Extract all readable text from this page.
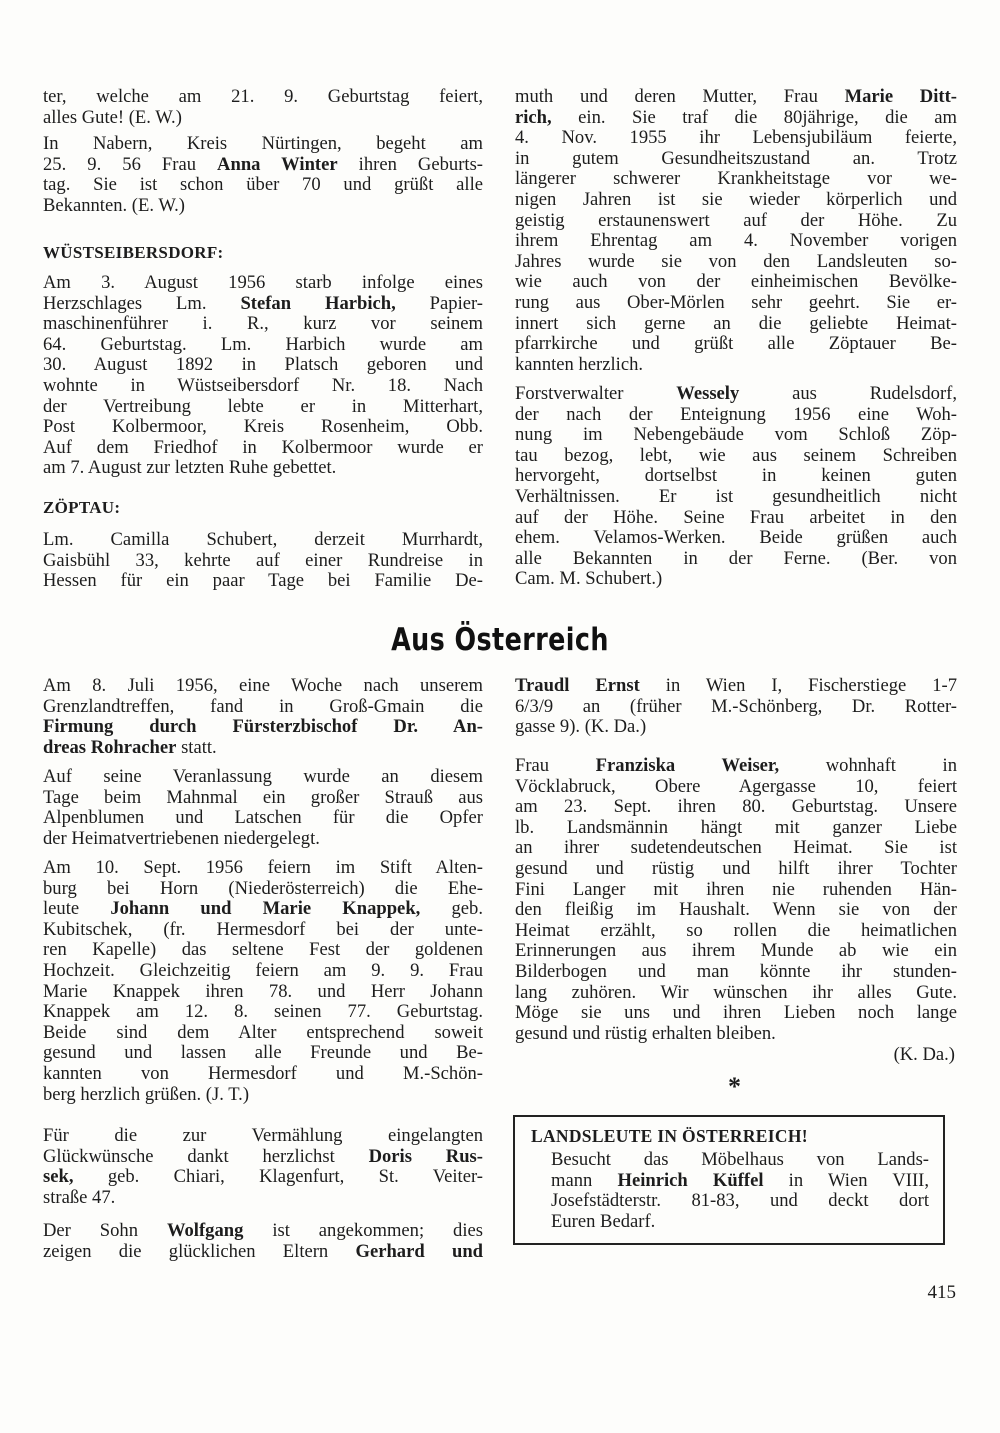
ter, welche am 21. 9. Geburtstag feiert,
alles Gute! (E. W.)
In Nabern, Kreis Nürtingen, begeht am
25. 9. 56 Frau Anna Winter ihren Geburts-
tag. Sie ist schon über 70 und grüßt alle
Bekannten. (E. W.)
WÜSTSEIBERSDORF:
Am 3. August 1956 starb infolge eines
Herzschlages Lm. Stefan Harbich, Papier-
maschinenführer i. R., kurz vor seinem
64. Geburtstag. Lm. Harbich wurde am
30. August 1892 in Platsch geboren und
wohnte in Wüstseibersdorf Nr. 18. Nach
der Vertreibung lebte er in Mitterhart,
Post Kolbermoor, Kreis Rosenheim, Obb.
Auf dem Friedhof in Kolbermoor wurde er
am 7. August zur letzten Ruhe gebettet.
ZÖPTAU:
Lm. Camilla Schubert, derzeit Murrhardt,
Gaisbühl 33, kehrte auf einer Rundreise in
Hessen für ein paar Tage bei Familie De-
muth und deren Mutter, Frau Marie Ditt-
rich, ein. Sie traf die 80jährige, die am
4. Nov. 1955 ihr Lebensjubiläum feierte,
in gutem Gesundheitszustand an. Trotz
längerer schwerer Krankheitstage vor we-
nigen Jahren ist sie wieder körperlich und
geistig erstaunenswert auf der Höhe. Zu
ihrem Ehrentag am 4. November vorigen
Jahres wurde sie von den Landsleuten so-
wie auch von der einheimischen Bevölke-
rung aus Ober-Mörlen sehr geehrt. Sie er-
innert sich gerne an die geliebte Heimat-
pfarrkirche und grüßt alle Zöptauer Be-
kannten herzlich.
Forstverwalter Wessely aus Rudelsdorf,
der nach der Enteignung 1956 eine Woh-
nung im Nebengebäude vom Schloß Zöp-
tau bezog, lebt, wie aus seinem Schreiben
hervorgeht, dortselbst in keinen guten
Verhältnissen. Er ist gesundheitlich nicht
auf der Höhe. Seine Frau arbeitet in den
ehem. Velamos-Werken. Beide grüßen auch
alle Bekannten in der Ferne. (Ber. von
Cam. M. Schubert.)
Aus Österreich
Am 8. Juli 1956, eine Woche nach unserem
Grenzlandtreffen, fand in Groß-Gmain die
Firmung durch Fürsterzbischof Dr. An-
dreas Rohracher statt.
Auf seine Veranlassung wurde an diesem
Tage beim Mahnmal ein großer Strauß aus
Alpenblumen und Latschen für die Opfer
der Heimatvertriebenen niedergelegt.
Am 10. Sept. 1956 feiern im Stift Alten-
burg bei Horn (Niederösterreich) die Ehe-
leute Johann und Marie Knappek, geb.
Kubitschek, (fr. Hermesdorf bei der unte-
ren Kapelle) das seltene Fest der goldenen
Hochzeit. Gleichzeitig feiern am 9. 9. Frau
Marie Knappek ihren 78. und Herr Johann
Knappek am 12. 8. seinen 77. Geburtstag.
Beide sind dem Alter entsprechend soweit
gesund und lassen alle Freunde und Be-
kannten von Hermesdorf und M.-Schön-
berg herzlich grüßen. (J. T.)
Für die zur Vermählung eingelangten
Glückwünsche dankt herzlichst Doris Rus-
sek, geb. Chiari, Klagenfurt, St. Veiter-
straße 47.
Der Sohn Wolfgang ist angekommen; dies
zeigen die glücklichen Eltern Gerhard und
Traudl Ernst in Wien I, Fischerstiege 1-7
6/3/9 an (früher M.-Schönberg, Dr. Rotter-
gasse 9). (K. Da.)
Frau Franziska Weiser, wohnhaft in
Vöcklabruck, Obere Agergasse 10, feiert
am 23. Sept. ihren 80. Geburtstag. Unsere
lb. Landsmännin hängt mit ganzer Liebe
an ihrer sudetendeutschen Heimat. Sie ist
gesund und rüstig und hilft ihrer Tochter
Fini Langer mit ihren nie ruhenden Hän-
den fleißig im Haushalt. Wenn sie von der
Heimat erzählt, so rollen die heimatlichen
Erinnerungen aus ihrem Munde ab wie ein
Bilderbogen und man könnte ihr stunden-
lang zuhören. Wir wünschen ihr alles Gute.
Möge sie uns und ihren Lieben noch lange
gesund und rüstig erhalten bleiben.
(K. Da.)
*
LANDSLEUTE IN ÖSTERREICH!
Besucht das Möbelhaus von Lands-
mann Heinrich Küffel in Wien VIII,
Josefstädterstr. 81-83, und deckt dort
Euren Bedarf.
415
